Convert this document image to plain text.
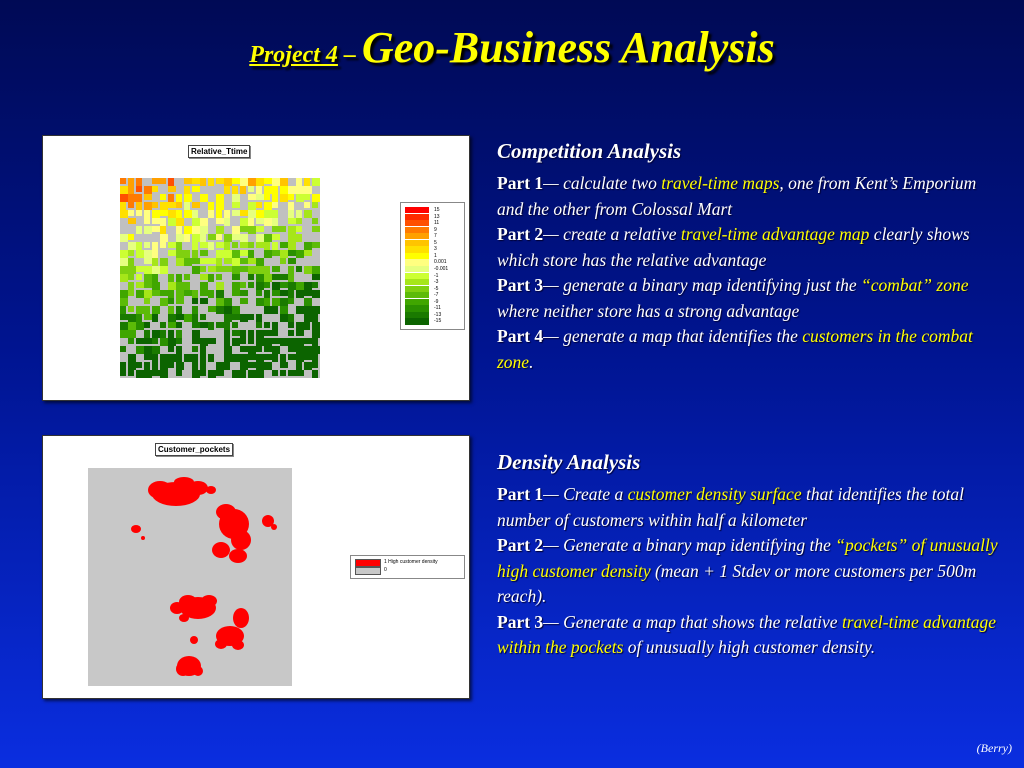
Project 4 – Geo-Business Analysis
Relative_Ttime
15
13
11
9
7
5
3
1
0.001
-0.001
-1
-3
-5
-7
-9
-11
-13
-15
Customer_pockets
1 High customer density
0
Competition Analysis
Part 1— calculate two travel-time maps, one from Kent’s Emporium and the other from Colossal Mart
Part 2— create a relative travel-time advantage map clearly shows which store has the relative advantage
Part 3— generate a binary map identifying just the “combat” zone where neither store has a strong advantage
Part 4— generate a map that identifies the customers in the combat zone.
Density Analysis
Part 1— Create a customer density surface that identifies the total number of customers within half a kilometer
Part 2— Generate a binary map identifying the “pockets” of unusually high customer density (mean + 1 Stdev or more customers per 500m reach).
Part 3— Generate a map that shows the relative travel-time advantage within the pockets of unusually high customer density.
(Berry)
